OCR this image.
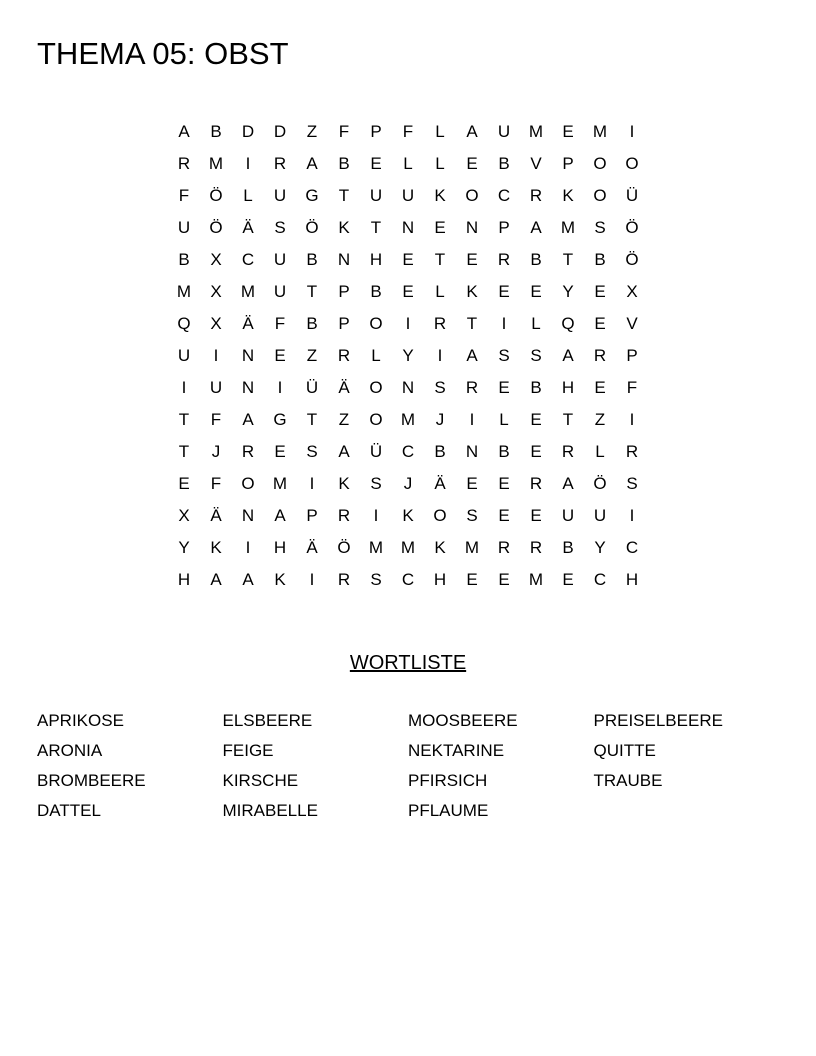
THEMA 05: OBST
A	B	D	D	Z	F	P	F	L	A	U	M	E	M	I
R	M	I	R	A	B	E	L	L	E	B	V	P	O	O
F	Ö	L	U	G	T	U	U	K	O	C	R	K	O	Ü
U	Ö	Ä	S	Ö	K	T	N	E	N	P	A	M	S	Ö
B	X	C	U	B	N	H	E	T	E	R	B	T	B	Ö
M	X	M	U	T	P	B	E	L	K	E	E	Y	E	X
Q	X	Ä	F	B	P	O	I	R	T	I	L	Q	E	V
U	I	N	E	Z	R	L	Y	I	A	S	S	A	R	P
I	U	N	I	Ü	Ä	O	N	S	R	E	B	H	E	F
T	F	A	G	T	Z	O	M	J	I	L	E	T	Z	I
T	J	R	E	S	A	Ü	C	B	N	B	E	R	L	R
E	F	O	M	I	K	S	J	Ä	E	E	R	A	Ö	S
X	Ä	N	A	P	R	I	K	O	S	E	E	U	U	I
Y	K	I	H	Ä	Ö	M	M	K	M	R	R	B	Y	C
H	A	A	K	I	R	S	C	H	E	E	M	E	C	H
WORTLISTE
APRIKOSE
ARONIA
BROMBEERE
DATTEL
ELSBEERE
FEIGE
KIRSCHE
MIRABELLE
MOOSBEERE
NEKTARINE
PFIRSICH
PFLAUME
PREISELBEERE
QUITTE
TRAUBE
